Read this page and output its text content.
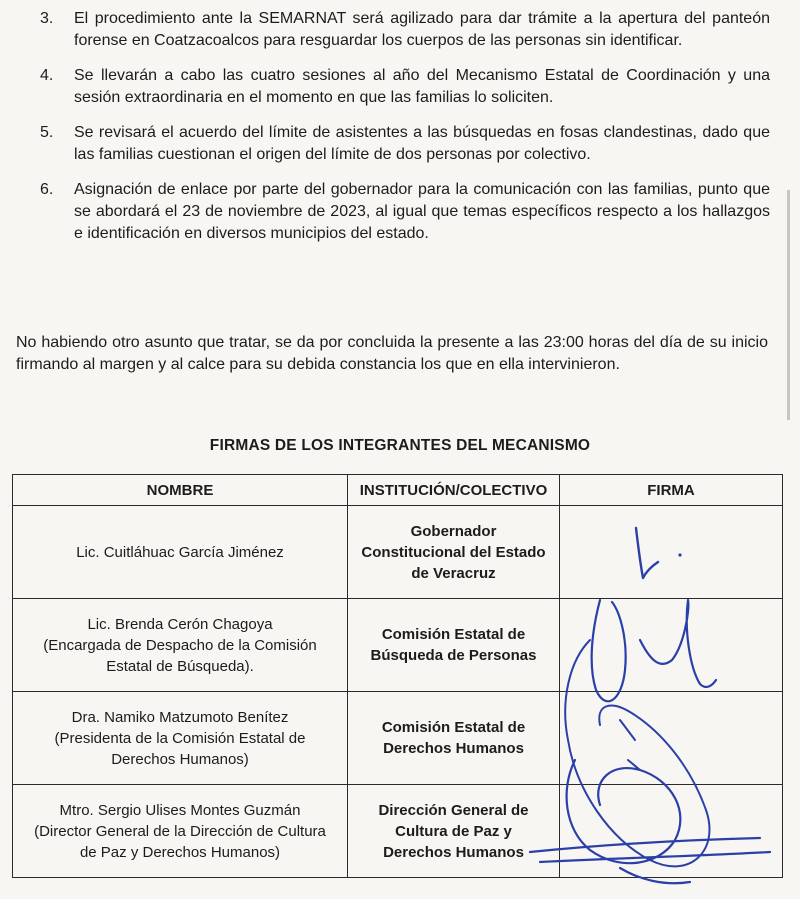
3.	El procedimiento ante la SEMARNAT será agilizado para dar trámite a la apertura del panteón forense en Coatzacoalcos para resguardar los cuerpos de las personas sin identificar.
4.	Se llevarán a cabo las cuatro sesiones al año del Mecanismo Estatal de Coordinación y una sesión extraordinaria en el momento en que las familias lo soliciten.
5.	Se revisará el acuerdo del límite de asistentes a las búsquedas en fosas clandestinas, dado que las familias cuestionan el origen del límite de dos personas por colectivo.
6.	Asignación de enlace por parte del gobernador para la comunicación con las familias, punto que se abordará el 23 de noviembre de 2023, al igual que temas específicos respecto a los hallazgos e identificación en diversos municipios del estado.
No habiendo otro asunto que tratar, se da por concluida la presente a las 23:00 horas del día de su inicio firmando al margen y al calce para su debida constancia los que en ella intervinieron.
FIRMAS DE LOS INTEGRANTES DEL MECANISMO
NOMBRE	INSTITUCIÓN/COLECTIVO	FIRMA

Lic. Cuitláhuac García Jiménez	Gobernador
Constitucional del Estado
de Veracruz	

Lic. Brenda Cerón Chagoya
(Encargada de Despacho de la Comisión
Estatal de Búsqueda).	Comisión Estatal de
Búsqueda de Personas	

Dra. Namiko Matzumoto Benítez
(Presidenta de la Comisión Estatal de
Derechos Humanos)	Comisión Estatal de
Derechos Humanos	

Mtro. Sergio Ulises Montes Guzmán
(Director General de la Dirección de Cultura
de Paz y Derechos Humanos)	Dirección General de
Cultura de Paz y
Derechos Humanos	
